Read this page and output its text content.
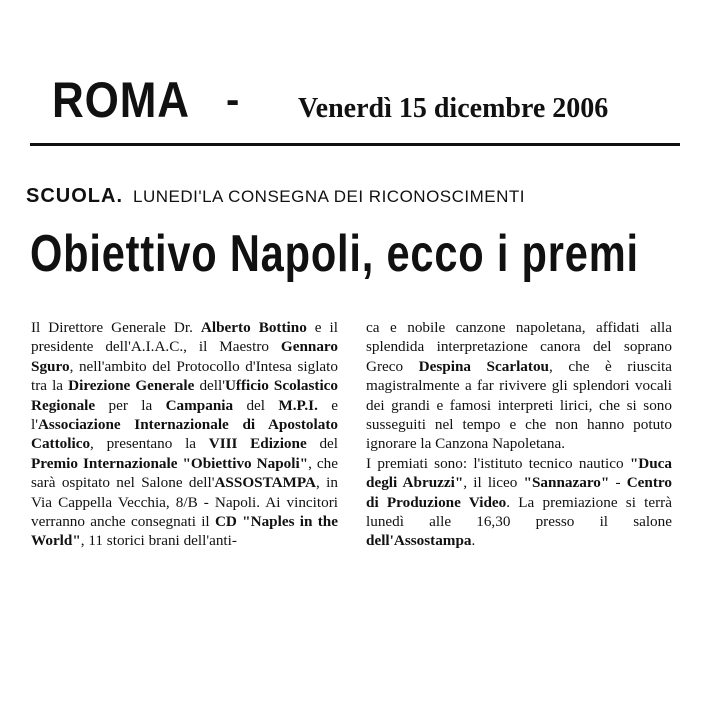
ROMA - Venerdì 15 dicembre 2006
SCUOLA. LUNEDI'LA CONSEGNA DEI RICONOSCIMENTI
Obiettivo Napoli, ecco i premi

Il Direttore Generale Dr. Alberto Bottino e il presidente dell'A.I.A.C., il Maestro Gennaro Sguro, nell'ambito del Protocollo d'Intesa siglato tra la Direzione Generale dell'Ufficio Scolastico Regionale per la Campania del M.P.I. e l'Associazione Internazionale di Apostolato Cattolico, presentano la VIII Edizione del Premio Internazionale "Obiettivo Napoli", che sarà ospitato nel Salone dell'ASSOSTAMPA, in Via Cappella Vecchia, 8/B - Napoli. Ai vincitori verranno anche consegnati il CD "Naples in the World", 11 storici brani dell'anti-

ca e nobile canzone napoletana, affidati alla splendida interpretazione canora del soprano Greco Despina Scarlatou, che è riuscita magistralmente a far rivivere gli splendori vocali dei grandi e famosi interpreti lirici, che si sono susseguiti nel tempo e che non hanno potuto ignorare la Canzona Napoletana.

I premiati sono: l'istituto tecnico nautico "Duca degli Abruzzi", il liceo "Sannazaro" - Centro di Produzione Video. La premiazione si terrà lunedì alle 16,30 presso il salone dell'Assostampa.
